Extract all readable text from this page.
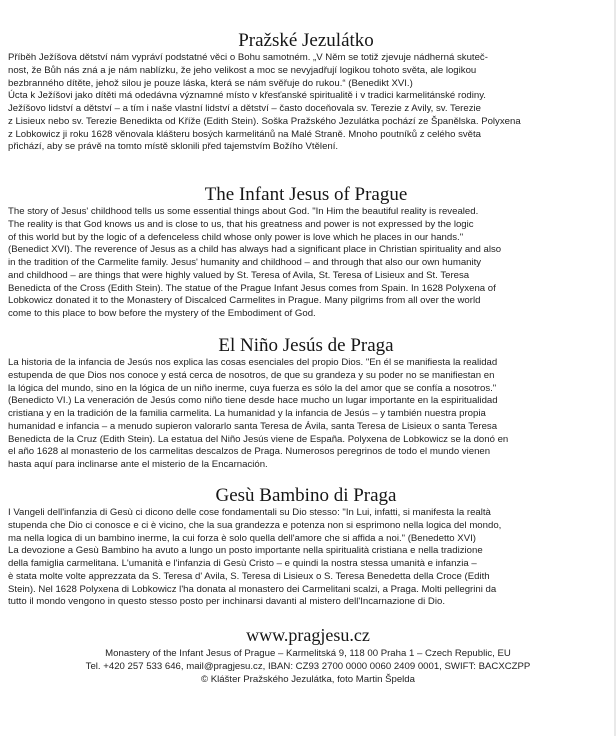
Pražské Jezulátko
Příběh Ježíšova dětství nám vypráví podstatné věci o Bohu samotném. „V Něm se totiž zjevuje nádherná skuteč-
nost, že Bůh nás zná a je nám nablízku, že jeho velikost a moc se nevyjadřují logikou tohoto světa, ale logikou
bezbranného dítěte, jehož silou je pouze láska, která se nám svěřuje do rukou.“ (Benedikt XVI.)
Úcta k Ježíšovi jako dítěti má odedávna významné místo v křesťanské spiritualitě i v tradici karmelitánské rodiny.
Ježíšovo lidství a dětství – a tím i naše vlastní lidství a dětství – často doceňovala sv. Terezie z Avily, sv. Terezie
z Lisieux nebo sv. Terezie Benedikta od Kříže (Edith Stein). Soška Pražského Jezulátka pochází ze Španělska. Polyxena
z Lobkowicz ji roku 1628 věnovala klášteru bosých karmelitánů na Malé Straně. Mnoho poutníků z celého světa
přichází, aby se právě na tomto místě sklonili před tajemstvím Božího Vtělení.
The Infant Jesus of Prague
The story of Jesus' childhood tells us some essential things about God. "In Him the beautiful reality is revealed.
The reality is that God knows us and is close to us, that his greatness and power is not expressed by the logic
of this world but by the logic of a defenceless child whose only power is love which he places in our hands."
(Benedict XVI). The reverence of Jesus as a child has always had a significant place in Christian spirituality and also
in the tradition of the Carmelite family. Jesus' humanity and childhood – and through that also our own humanity
and childhood – are things that were highly valued by St. Teresa of Avila, St. Teresa of Lisieux and St. Teresa
Benedicta of the Cross (Edith Stein). The statue of the Prague Infant Jesus comes from Spain. In 1628 Polyxena of
Lobkowicz donated it to the Monastery of Discalced Carmelites in Prague. Many pilgrims from all over the world
come to this place to bow before the mystery of the Embodiment of God.
El Niño Jesús de Praga
La historia de la infancia de Jesús nos explica las cosas esenciales del propio Dios. "En él se manifiesta la realidad
estupenda de que Dios nos conoce y está cerca de nosotros, de que su grandeza y su poder no se manifiestan en
la lógica del mundo, sino en la lógica de un niño inerme, cuya fuerza es sólo la del amor que se confía a nosotros."
(Benedicto VI.) La veneración de Jesús como niño tiene desde hace mucho un lugar importante en la espiritualidad
cristiana y en la tradición de la familia carmelita. La humanidad y la infancia de Jesús – y también nuestra propia
humanidad e infancia – a menudo supieron valorarlo santa Teresa de Ávila, santa Teresa de Lisieux o santa Teresa
Benedicta de la Cruz (Edith Stein). La estatua del Niño Jesús viene de España. Polyxena de Lobkowicz se la donó en
el año 1628 al monasterio de los carmelitas descalzos de Praga. Numerosos peregrinos de todo el mundo vienen
hasta aquí para inclinarse ante el misterio de la Encarnación.
Gesù Bambino di Praga
I Vangeli dell'infanzia di Gesù ci dicono delle cose fondamentali su Dio stesso: "In Lui, infatti, si manifesta la realtà
stupenda che Dio ci conosce e ci è vicino, che la sua grandezza e potenza non si esprimono nella logica del mondo,
ma nella logica di un bambino inerme, la cui forza è solo quella dell'amore che si affida a noi." (Benedetto XVI)
La devozione a Gesù Bambino ha avuto a lungo un posto importante nella spiritualità cristiana e nella tradizione
della famiglia carmelitana. L'umanità e l'infanzia di Gesù Cristo – e quindi la nostra stessa umanità e infanzia –
è stata molte volte apprezzata da S. Teresa d' Avila, S. Teresa di Lisieux o S. Teresa Benedetta della Croce (Edith
Stein). Nel 1628 Polyxena di Lobkowicz l'ha donata al monastero dei Carmelitani scalzi, a Praga. Molti pellegrini da
tutto il mondo vengono in questo stesso posto per inchinarsi davanti al mistero dell'Incarnazione di Dio.
www.pragjesu.cz
Monastery of the Infant Jesus of Prague – Karmelitská 9, 118 00 Praha 1 – Czech Republic, EU
Tel. +420 257 533 646, mail@pragjesu.cz, IBAN: CZ93 2700 0000 0060 2409 0001, SWIFT: BACXCZPP
© Klášter Pražského Jezulátka, foto Martin Špelda
